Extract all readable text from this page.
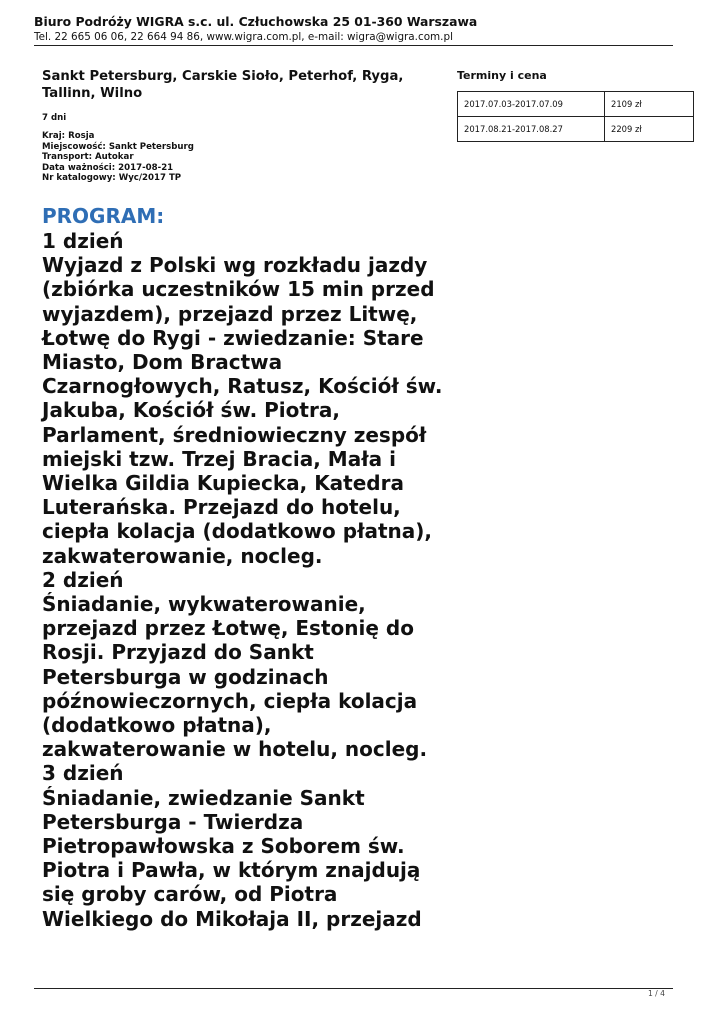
Biuro Podróży WIGRA s.c. ul. Człuchowska 25 01-360 Warszawa
Tel. 22 665 06 06, 22 664 94 86, www.wigra.com.pl, e-mail: wigra@wigra.com.pl
Sankt Petersburg, Carskie Sioło, Peterhof, Ryga, Tallinn, Wilno
7 dni
Kraj: Rosja
Miejscowość: Sankt Petersburg
Transport: Autokar
Data ważności: 2017-08-21
Nr katalogowy: Wyc/2017 TP
Terminy i cena
2017.07.03-2017.07.09	2109 zł
2017.08.21-2017.08.27	2209 zł
PROGRAM:
1 dzień
Wyjazd z Polski wg rozkładu jazdy
(zbiórka uczestników 15 min przed
wyjazdem), przejazd przez Litwę,
Łotwę do Rygi - zwiedzanie: Stare
Miasto, Dom Bractwa
Czarnogłowych, Ratusz, Kościół św.
Jakuba, Kościół św. Piotra,
Parlament, średniowieczny zespół
miejski tzw. Trzej Bracia, Mała i
Wielka Gildia Kupiecka, Katedra
Luterańska. Przejazd do hotelu,
ciepła kolacja (dodatkowo płatna),
zakwaterowanie, nocleg.
2 dzień
Śniadanie, wykwaterowanie,
przejazd przez Łotwę, Estonię do
Rosji. Przyjazd do Sankt
Petersburga w godzinach
późnowieczornych, ciepła kolacja
(dodatkowo płatna),
zakwaterowanie w hotelu, nocleg.
3 dzień
Śniadanie, zwiedzanie Sankt
Petersburga - Twierdza
Pietropawłowska z Soborem św.
Piotra i Pawła, w którym znajdują
się groby carów, od Piotra
Wielkiego do Mikołaja II, przejazd
1 / 4
